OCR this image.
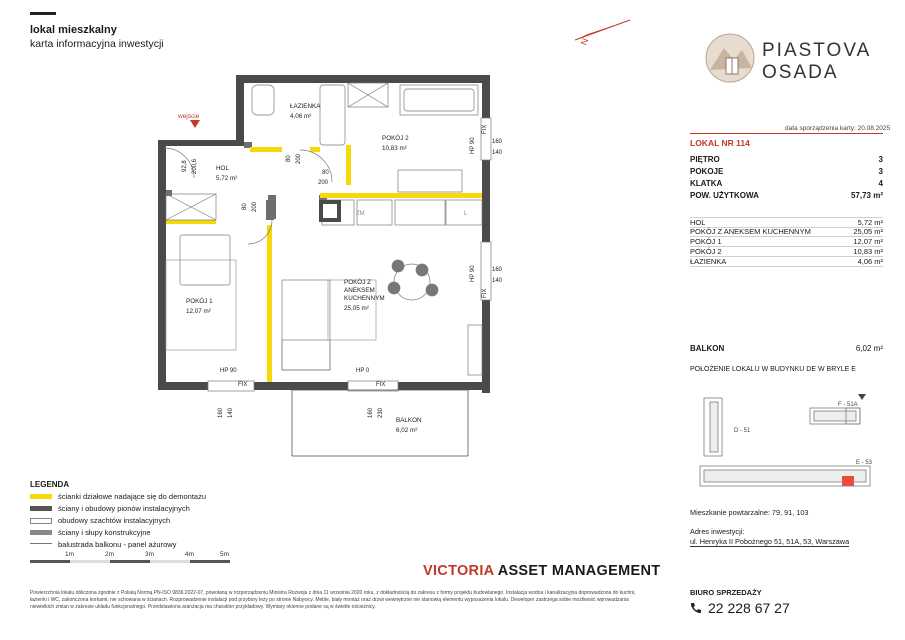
lokal mieszkalny
karta informacyjna inwestycji	N	PIASTOVA
OSADA
data sporządzenia karty: 20.08.2025
LOKAL NR 114
PIĘTRO	3
POKOJE	3
KLATKA	4
POW. UŻYTKOWA	57,73 m²
HOL	5,72 m²
POKÓJ Z ANEKSEM KUCHENNYM	25,05 m²
POKÓJ 1	12,07 m²
POKÓJ 2	10,83 m²
ŁAZIENKA	4,06 m²
BALKON	6,02 m²
POŁOŻENIE LOKALU W BUDYNKU DE W BRYLE E
F - 51A
D - 51
E - 53
Mieszkanie powtarzalne: 79, 91, 103
Adres inwestycji:
ul. Henryka II Pobożnego 51, 51A, 53, Warszawa
wejście
HOL
5,72 m²
ŁAZIENKA
4,06 m²
POKÓJ 2
10,83 m²
POKÓJ 1
12,07 m²
POKÓJ Z
ANEKSEM
KUCHENNYM
25,05 m²
BALKON
6,02 m²
ZM	L
HP 90
FIX
HP 0
FIX
160
140
160
140
80
200
92,8 200,6
80 200
80 200
HP 90
FIX
HP 90
FIX
160 140	160 230
LEGENDA
ścianki działowe nadające się do demontażu
ściany i obudowy pionów instalacyjnych
obudowy szachtów instalacyjnych
ściany i słupy konstrukcyjne
balustrada balkonu - panel ażurowy
1m	2m	3m	4m	5m
VICTORIA ASSET MANAGEMENT
Powierzchnia lokalu obliczona zgodnie z Polską Normą PN-ISO 9836:2022-07, powołaną w rozporządzeniu Ministra Rozwoju z dnia 11 września 2020 roku, z dokładnością do zakresu z formy projektu budowlanego. Instalacja wodna i kanalizacyjna doprowadzona do kuchni, łazienki i WC, zakończona korkami, nie schowana w ścianach. Rozprowadzenie instalacji pod przybory leży po stronie Nabywcy. Meble, biały montaż oraz drzwi wewnętrzne nie stanowią elementu wyposażenia lokalu. Deweloper zastrzega sobie możliwość wprowadzania niewielkich zmian w zakresie układu funkcjonalnego. Przedstawiona aranżacja ma charakter przykładowy. Wymiary okienne podane są w świetle ościeżnicy.
BIURO SPRZEDAŻY
22 228 67 27
